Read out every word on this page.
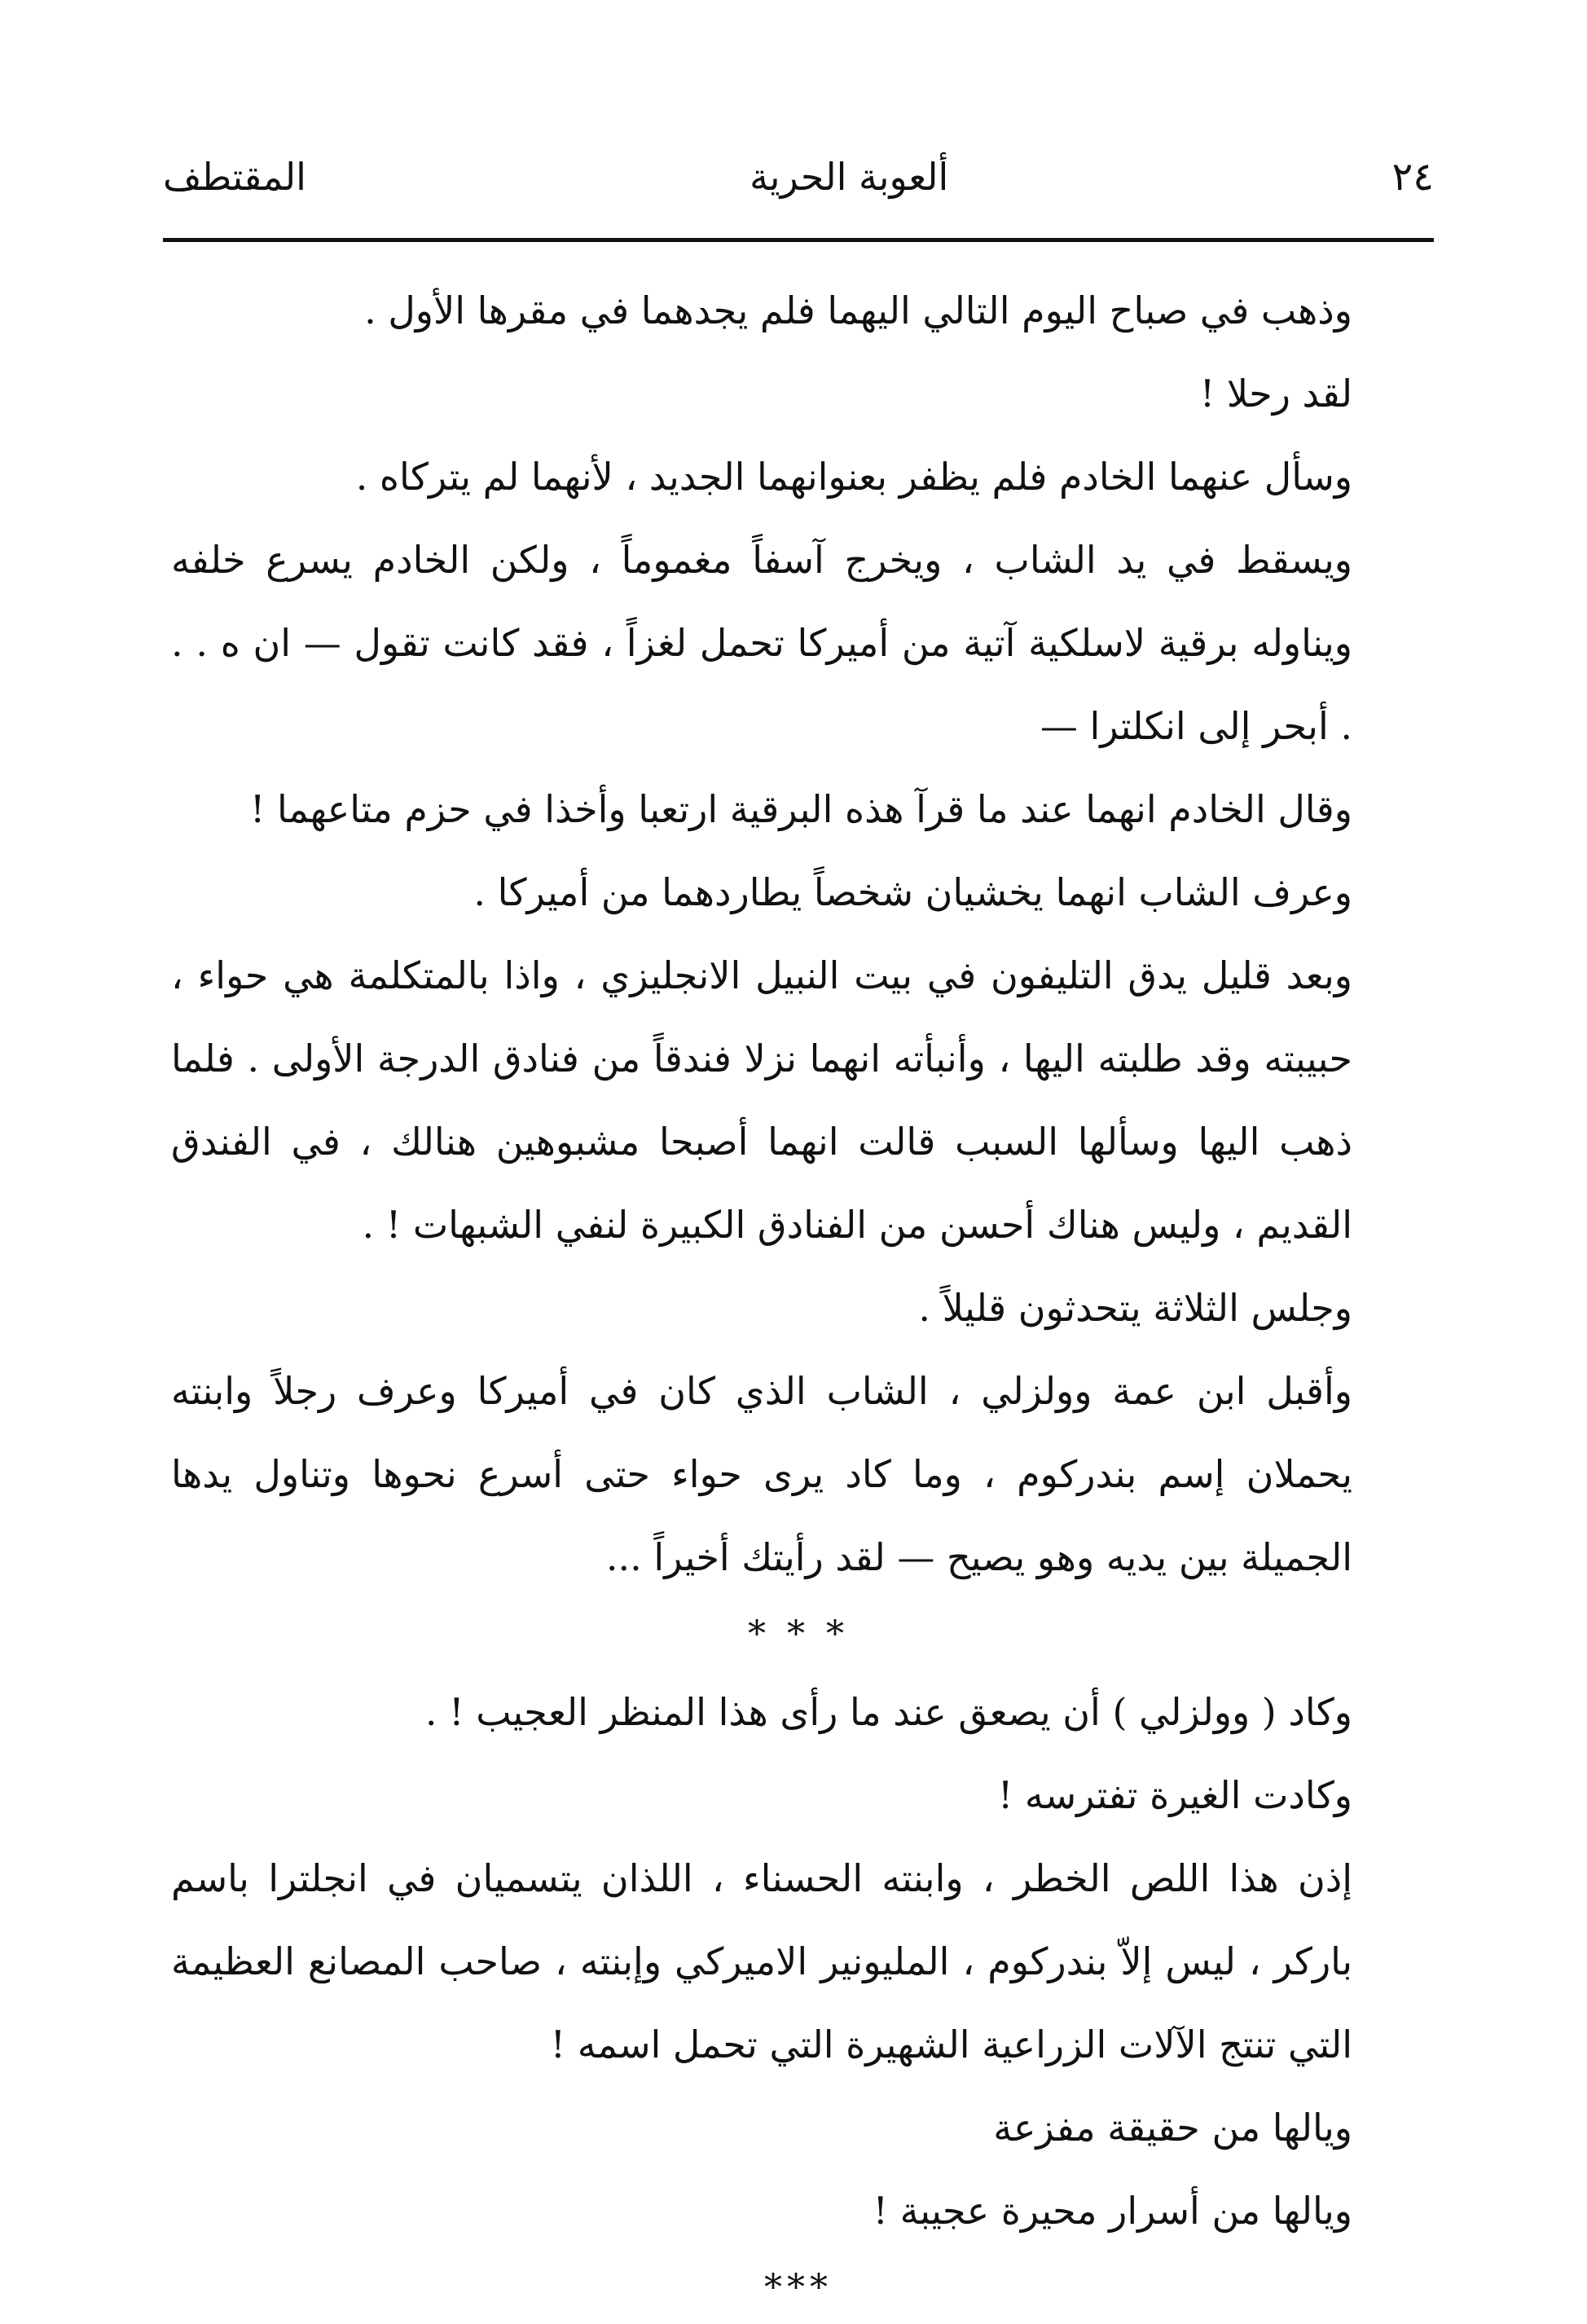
٢٤
ألعوبة الحرية
المقتطف

وذهب في صباح اليوم التالي اليهما فلم يجدهما في مقرها الأول .

لقد رحلا !

وسأل عنهما الخادم فلم يظفر بعنوانهما الجديد ، لأنهما لم يتركاه .

ويسقط في يد الشاب ، ويخرج آسفاً مغموماً ، ولكن الخادم يسرع خلفه ويناوله برقية لاسلكية آتية من أميركا تحمل لغزاً ، فقد كانت تقول — ان ه . . . أبحر إلى انكلترا —

وقال الخادم انهما عند ما قرآ هذه البرقية ارتعبا وأخذا في حزم متاعهما !

وعرف الشاب انهما يخشيان شخصاً يطاردهما من أميركا .

وبعد قليل يدق التليفون في بيت النبيل الانجليزي ، واذا بالمتكلمة هي حواء ، حبيبته وقد طلبته اليها ، وأنبأته انهما نزلا فندقاً من فنادق الدرجة الأولى . فلما ذهب اليها وسألها السبب قالت انهما أصبحا مشبوهين هنالك ، في الفندق القديم ، وليس هناك أحسن من الفنادق الكبيرة لنفي الشبهات ! .

وجلس الثلاثة يتحدثون قليلاً .

وأقبل ابن عمة وولزلي ، الشاب الذي كان في أميركا وعرف رجلاً وابنته يحملان إسم بندركوم ، وما كاد يرى حواء حتى أسرع نحوها وتناول يدها الجميلة بين يديه وهو يصيح — لقد رأيتك أخيراً ...

* * *

وكاد ( وولزلي ) أن يصعق عند ما رأى هذا المنظر العجيب ! .

وكادت الغيرة تفترسه !

إذن هذا اللص الخطر ، وابنته الحسناء ، اللذان يتسميان في انجلترا باسم باركر ، ليس إلاّ بندركوم ، المليونير الاميركي وإبنته ، صاحب المصانع العظيمة التي تنتج الآلات الزراعية الشهيرة التي تحمل اسمه !

ويالها من حقيقة مفزعة

ويالها من أسرار محيرة عجيبة !

***
